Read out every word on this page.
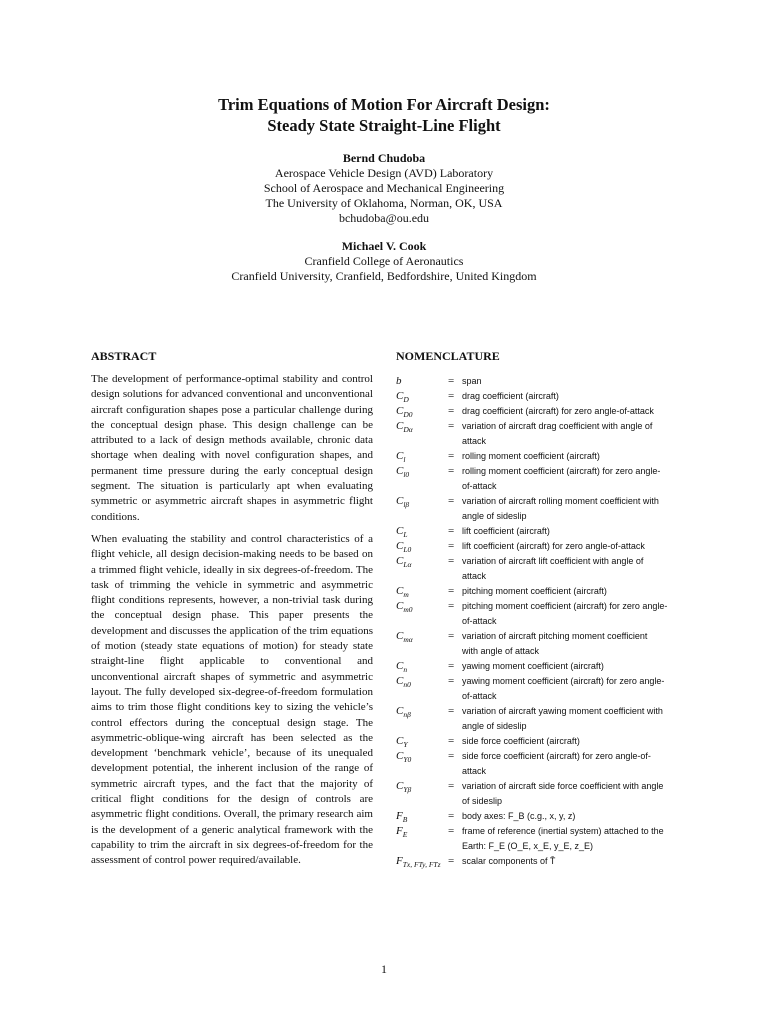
Trim Equations of Motion For Aircraft Design:
Steady State Straight-Line Flight
Bernd Chudoba
Aerospace Vehicle Design (AVD) Laboratory
School of Aerospace and Mechanical Engineering
The University of Oklahoma, Norman, OK, USA
bchudoba@ou.edu
Michael V. Cook
Cranfield College of Aeronautics
Cranfield University, Cranfield, Bedfordshire, United Kingdom
ABSTRACT	NOMENCLATURE

The development of performance-optimal stability and control design solutions for advanced conventional and unconventional aircraft configuration shapes pose a particular challenge during the conceptual design phase. This design challenge can be attributed to a lack of design methods available, chronic data shortage when dealing with novel configuration shapes, and permanent time pressure during the early conceptual design segment. The situation is particularly apt when evaluating symmetric or asymmetric aircraft shapes in asymmetric flight conditions.

When evaluating the stability and control characteristics of a flight vehicle, all design decision-making needs to be based on a trimmed flight vehicle, ideally in six degrees-of-freedom. The task of trimming the vehicle in symmetric and asymmetric flight conditions represents, however, a non-trivial task during the conceptual design phase. This paper presents the development and discusses the application of the trim equations of motion (steady state equations of motion) for steady state straight-line flight applicable to conventional and unconventional aircraft shapes of symmetric and asymmetric layout. The fully developed six-degree-of-freedom formulation aims to trim those flight conditions key to sizing the vehicle’s control effectors during the conceptual design stage. The asymmetric-oblique-wing aircraft has been selected as the development ‘benchmark vehicle’, because of its unequaled development potential, the inherent inclusion of the range of symmetric aircraft types, and the fact that the majority of critical flight conditions for the design of controls are asymmetric flight conditions. Overall, the primary research aim is the development of a generic analytical framework with the capability to trim the aircraft in six degrees-of-freedom for the assessment of control power required/available.

b	= span
$C_D$	= drag coefficient (aircraft)
$C_{D0}$	= drag coefficient (aircraft) for zero angle-of-attack
$C_{D\alpha}$	= variation of aircraft drag coefficient with angle of
attack
$C_l$	= rolling moment coefficient (aircraft)
$C_{l0}$	= rolling moment coefficient (aircraft) for zero angle-
of-attack
$C_{l\beta}$	= variation of aircraft rolling moment coefficient with
angle of sideslip
$C_L$	= lift coefficient (aircraft)
$C_{L0}$	= lift coefficient (aircraft) for zero angle-of-attack
$C_{L\alpha}$	= variation of aircraft lift coefficient with angle of
attack
$C_m$	= pitching moment coefficient (aircraft)
$C_{m0}$	= pitching moment coefficient (aircraft) for zero angle-
of-attack
$C_{m\alpha}$	= variation of aircraft pitching moment coefficient
with angle of attack
$C_n$	= yawing moment coefficient (aircraft)
$C_{n0}$	= yawing moment coefficient (aircraft) for zero angle-
of-attack
$C_{n\beta}$	= variation of aircraft yawing moment coefficient with
angle of sideslip
$C_Y$	= side force coefficient (aircraft)
$C_{Y0}$	= side force coefficient (aircraft) for zero angle-of-
attack
$C_{Y\beta}$	= variation of aircraft side force coefficient with angle
of sideslip
$F_B$	= body axes: F_B (c.g., x, y, z)
$F_E$	= frame of reference (inertial system) attached to the
Earth: F_E (O_E, x_E, y_E, z_E)
$F_{Tx, FTy, FTz}$ = scalar components of T̄
1
